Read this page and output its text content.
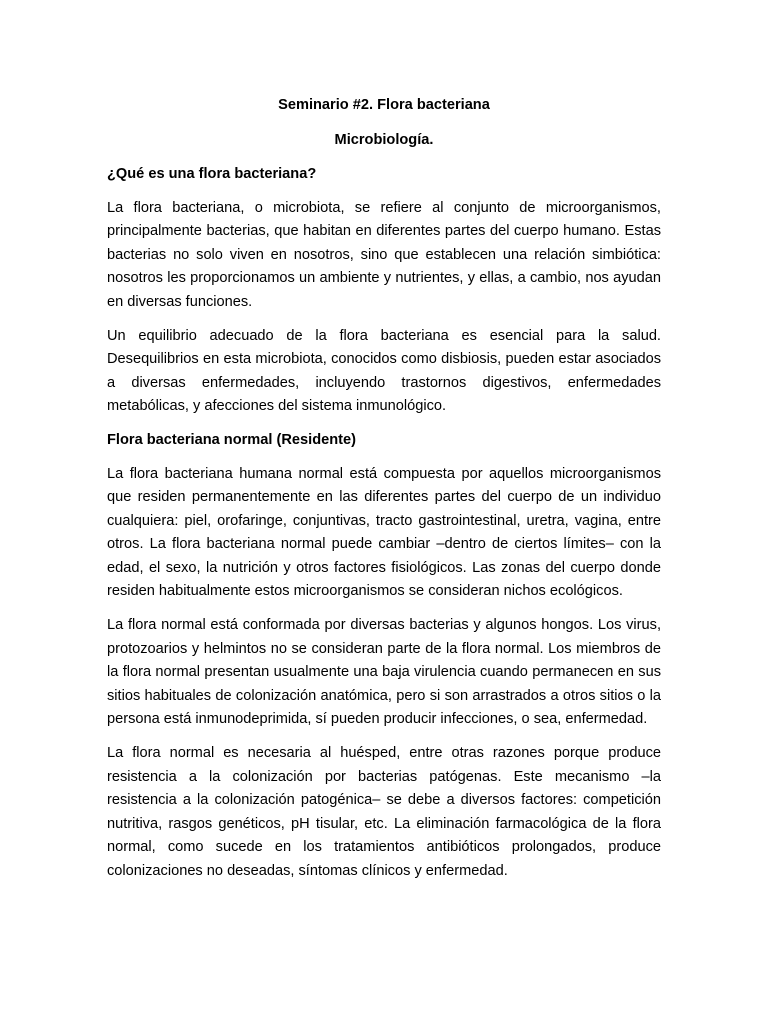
Seminario #2. Flora bacteriana

Microbiología.

¿Qué es una flora bacteriana?

La flora bacteriana, o microbiota, se refiere al conjunto de microorganismos, principalmente bacterias, que habitan en diferentes partes del cuerpo humano. Estas bacterias no solo viven en nosotros, sino que establecen una relación simbiótica: nosotros les proporcionamos un ambiente y nutrientes, y ellas, a cambio, nos ayudan en diversas funciones.

Un equilibrio adecuado de la flora bacteriana es esencial para la salud. Desequilibrios en esta microbiota, conocidos como disbiosis, pueden estar asociados a diversas enfermedades, incluyendo trastornos digestivos, enfermedades metabólicas, y afecciones del sistema inmunológico.

Flora bacteriana normal (Residente)

La flora bacteriana humana normal está compuesta por aquellos microorganismos que residen permanentemente en las diferentes partes del cuerpo de un individuo cualquiera: piel, orofaringe, conjuntivas, tracto gastrointestinal, uretra, vagina, entre otros. La flora bacteriana normal puede cambiar –dentro de ciertos límites– con la edad, el sexo, la nutrición y otros factores fisiológicos. Las zonas del cuerpo donde residen habitualmente estos microorganismos se consideran nichos ecológicos.

La flora normal está conformada por diversas bacterias y algunos hongos. Los virus, protozoarios y helmintos no se consideran parte de la flora normal. Los miembros de la flora normal presentan usualmente una baja virulencia cuando permanecen en sus sitios habituales de colonización anatómica, pero si son arrastrados a otros sitios o la persona está inmunodeprimida, sí pueden producir infecciones, o sea, enfermedad.

La flora normal es necesaria al huésped, entre otras razones porque produce resistencia a la colonización por bacterias patógenas. Este mecanismo –la resistencia a la colonización patogénica– se debe a diversos factores: competición nutritiva, rasgos genéticos, pH tisular, etc. La eliminación farmacológica de la flora normal, como sucede en los tratamientos antibióticos prolongados, produce colonizaciones no deseadas, síntomas clínicos y enfermedad.
